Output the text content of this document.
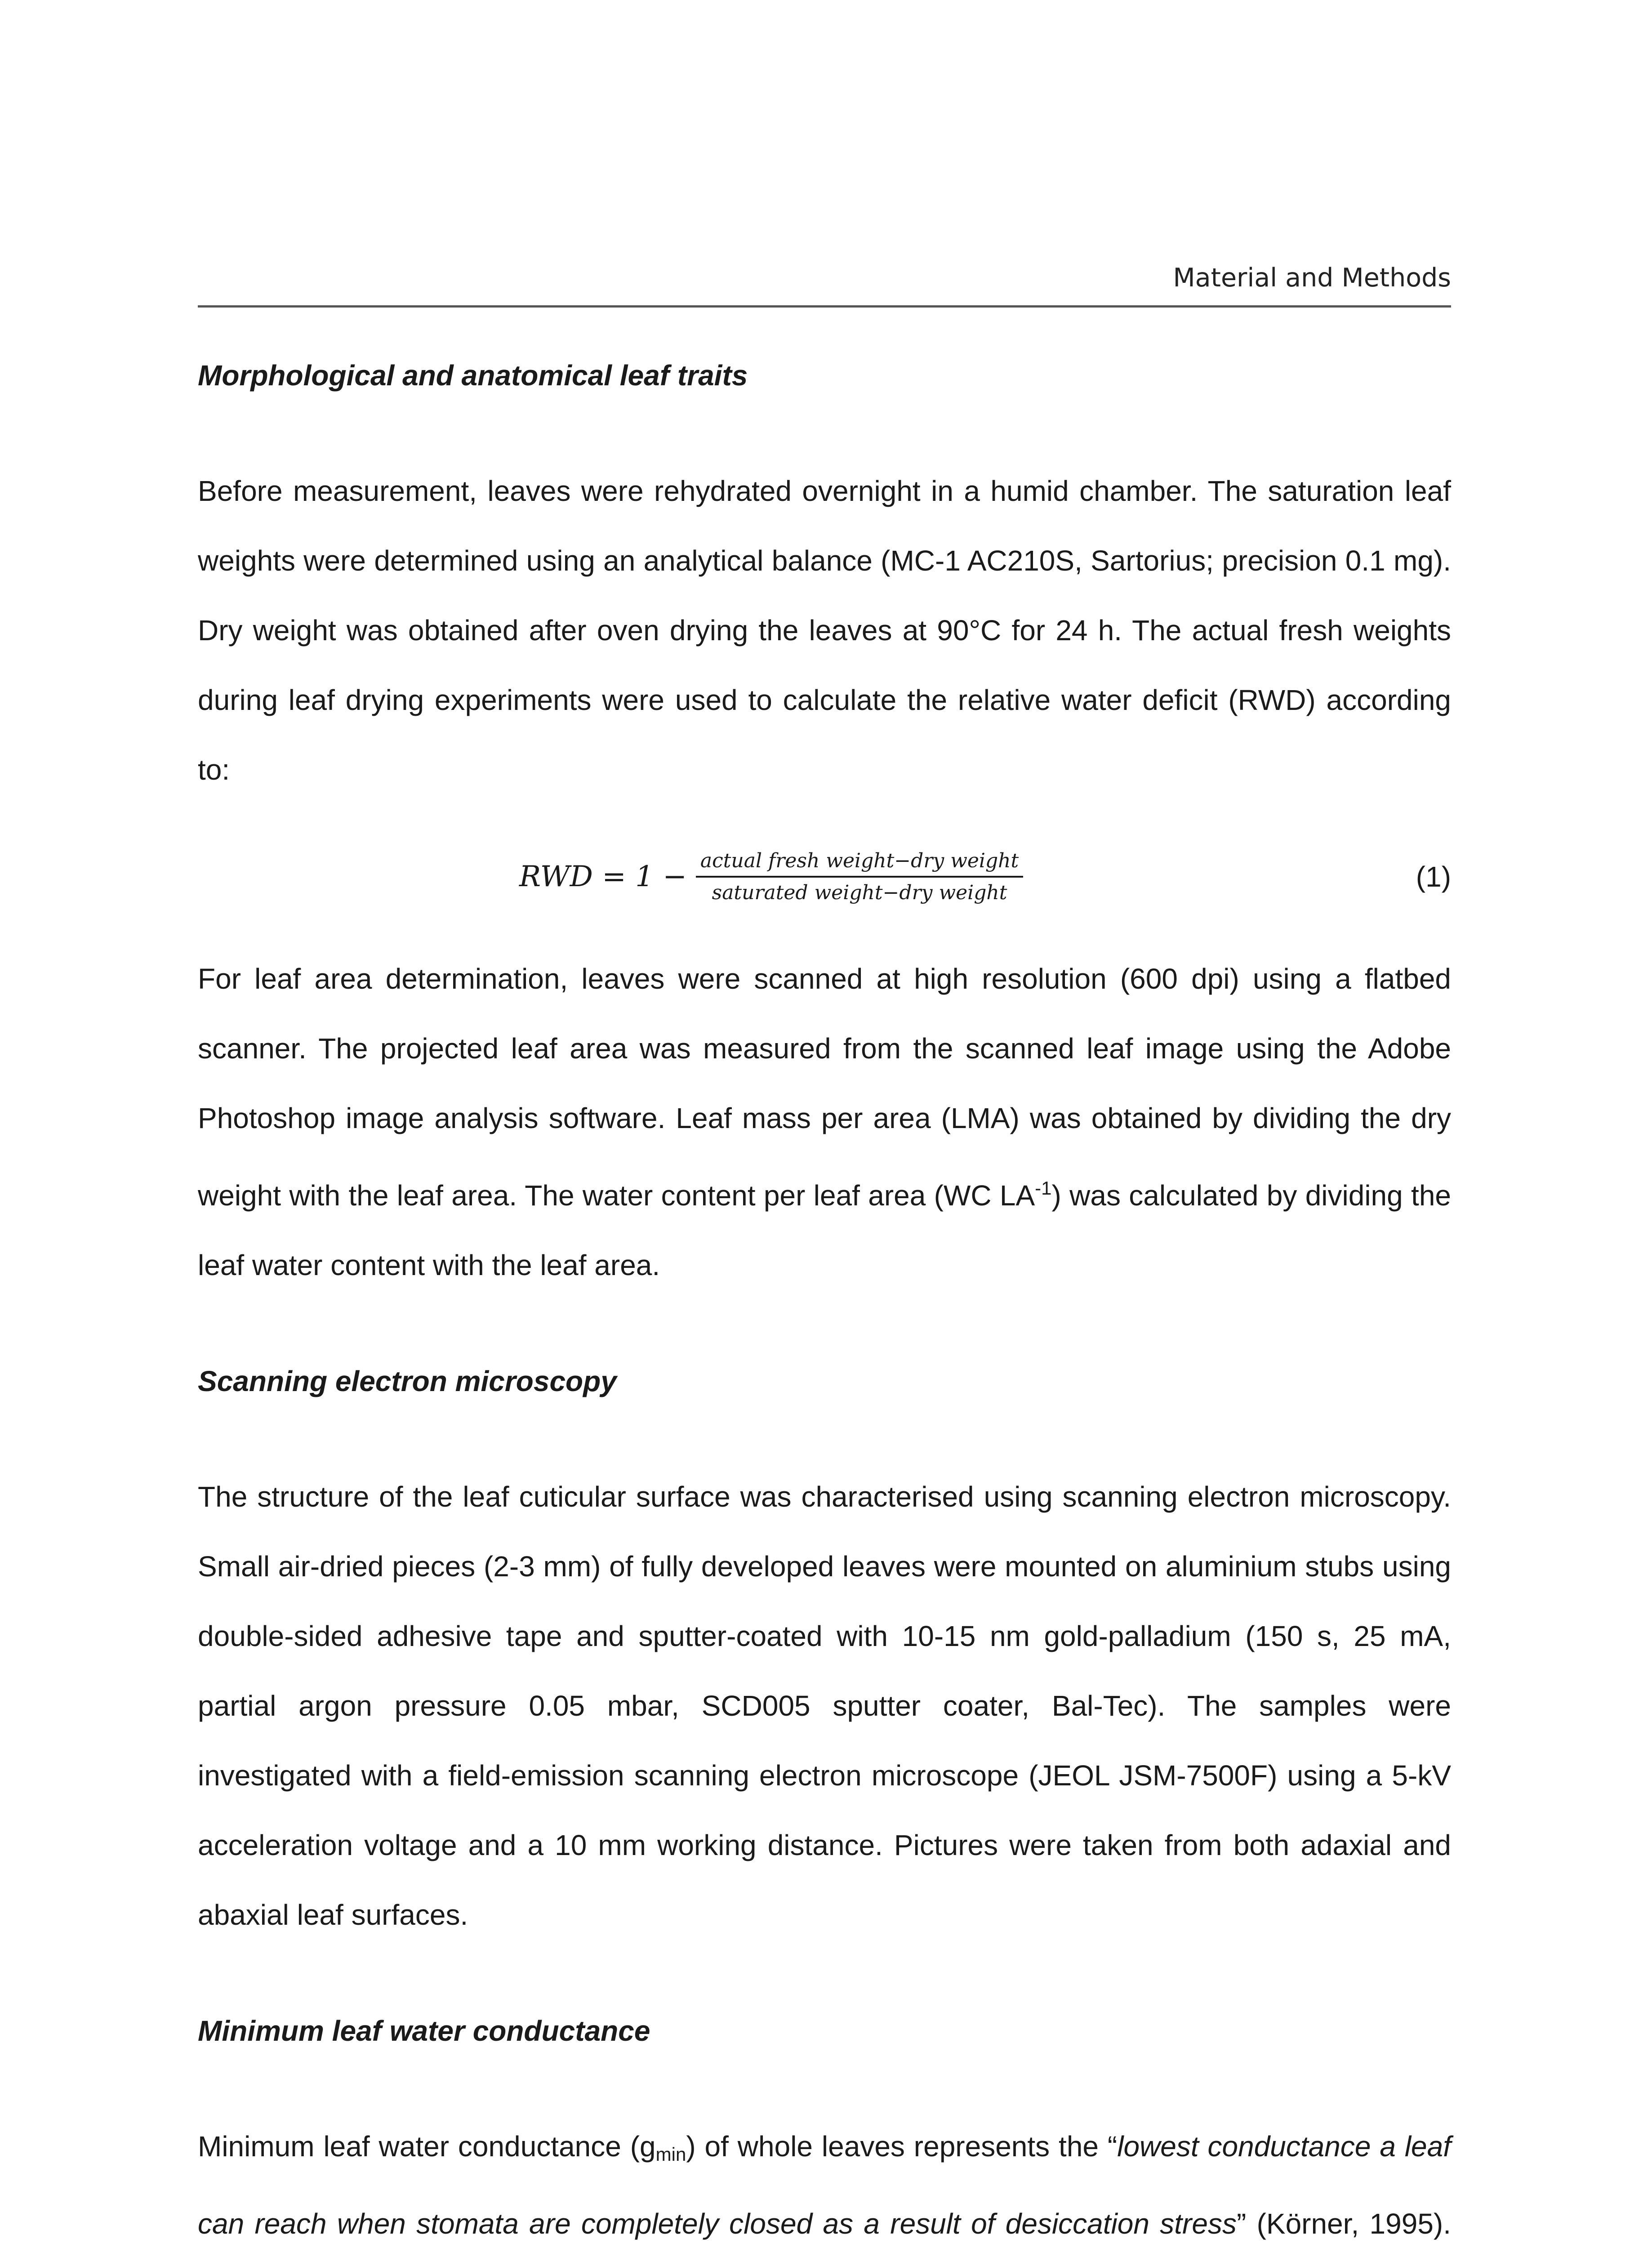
Material and Methods
Morphological and anatomical leaf traits

Before measurement, leaves were rehydrated overnight in a humid chamber. The saturation leaf weights were determined using an analytical balance (MC-1 AC210S, Sartorius; precision 0.1 mg). Dry weight was obtained after oven drying the leaves at 90°C for 24 h. The actual fresh weights during leaf drying experiments were used to calculate the relative water deficit (RWD) according to:

RWD = $1 - \frac{\text{actual fresh weight−dry weight}}{\text{saturated weight−dry weight}}$	(1)

For leaf area determination, leaves were scanned at high resolution (600 dpi) using a flatbed scanner. The projected leaf area was measured from the scanned leaf image using the Adobe Photoshop image analysis software. Leaf mass per area (LMA) was obtained by dividing the dry weight with the leaf area. The water content per leaf area (WC $LA^{-1}$) was calculated by dividing the leaf water content with the leaf area.

Scanning electron microscopy

The structure of the leaf cuticular surface was characterised using scanning electron microscopy. Small air-dried pieces (2-3 mm) of fully developed leaves were mounted on aluminium stubs using double-sided adhesive tape and sputter-coated with 10-15 nm gold-palladium (150 s, 25 mA, partial argon pressure 0.05 mbar, SCD005 sputter coater, Bal-Tec). The samples were investigated with a field-emission scanning electron microscope (JEOL JSM-7500F) using a 5-kV acceleration voltage and a 10 mm working distance. Pictures were taken from both adaxial and abaxial leaf surfaces.

Minimum leaf water conductance

Minimum leaf water conductance $(g_{min})$ of whole leaves represents the “lowest conductance a leaf can reach when stomata are completely closed as a result of desiccation stress” (Körner, 1995).
